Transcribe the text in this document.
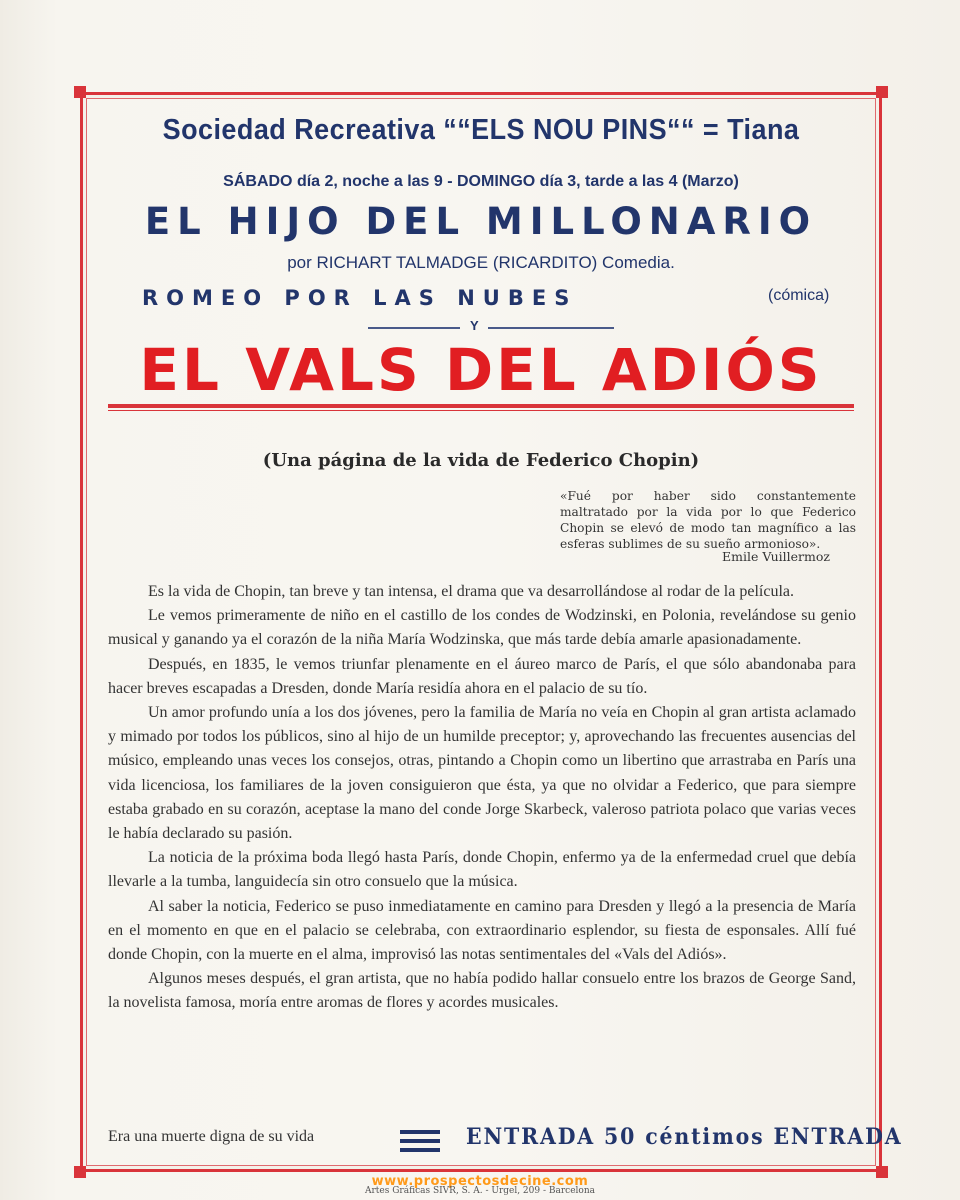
Sociedad Recreativa ““ELS NOU PINS““ = Tiana
SÁBADO día 2, noche a las 9 - DOMINGO día 3, tarde a las 4 (Marzo)
EL HIJO DEL MILLONARIO
por RICHART TALMADGE (RICARDITO) Comedia.
ROMEO POR LAS NUBES	(cómica)
Y
EL VALS DEL ADIÓS
(Una página de la vida de Federico Chopin)
«Fué por haber sido constantemente maltratado por la vida por lo que Federico Chopin se elevó de modo tan magnífico a las esferas sublimes de su sueño armonioso».
Emile Vuillermoz

Es la vida de Chopin, tan breve y tan intensa, el drama que va desarrollándose al rodar de la película.

Le vemos primeramente de niño en el castillo de los condes de Wodzinski, en Polonia, revelándose su genio musical y ganando ya el corazón de la niña María Wodzinska, que más tarde debía amarle apasionadamente.

Después, en 1835, le vemos triunfar plenamente en el áureo marco de París, el que sólo abandonaba para hacer breves escapadas a Dresden, donde María residía ahora en el palacio de su tío.

Un amor profundo unía a los dos jóvenes, pero la familia de María no veía en Chopin al gran artista aclamado y mimado por todos los públicos, sino al hijo de un humilde preceptor; y, aprovechando las frecuentes ausencias del músico, empleando unas veces los consejos, otras, pintando a Chopin como un libertino que arrastraba en París una vida licenciosa, los familiares de la joven consiguieron que ésta, ya que no olvidar a Federico, que para siempre estaba grabado en su corazón, aceptase la mano del conde Jorge Skarbeck, valeroso patriota polaco que varias veces le había declarado su pasión.

La noticia de la próxima boda llegó hasta París, donde Chopin, enfermo ya de la enfermedad cruel que debía llevarle a la tumba, languidecía sin otro consuelo que la música.

Al saber la noticia, Federico se puso inmediatamente en camino para Dresden y llegó a la presencia de María en el momento en que en el palacio se celebraba, con extraordinario esplendor, su fiesta de esponsales. Allí fué donde Chopin, con la muerte en el alma, improvisó las notas sentimentales del «Vals del Adiós».

Algunos meses después, el gran artista, que no había podido hallar consuelo entre los brazos de George Sand, la novelista famosa, moría entre aromas de flores y acordes musicales.

Era una muerte digna de su vida	ENTRADA 50 céntimos ENTRADA
www.prospectosdecine.com
Artes Gráficas SIVR, S. A. - Urgel, 209 - Barcelona
